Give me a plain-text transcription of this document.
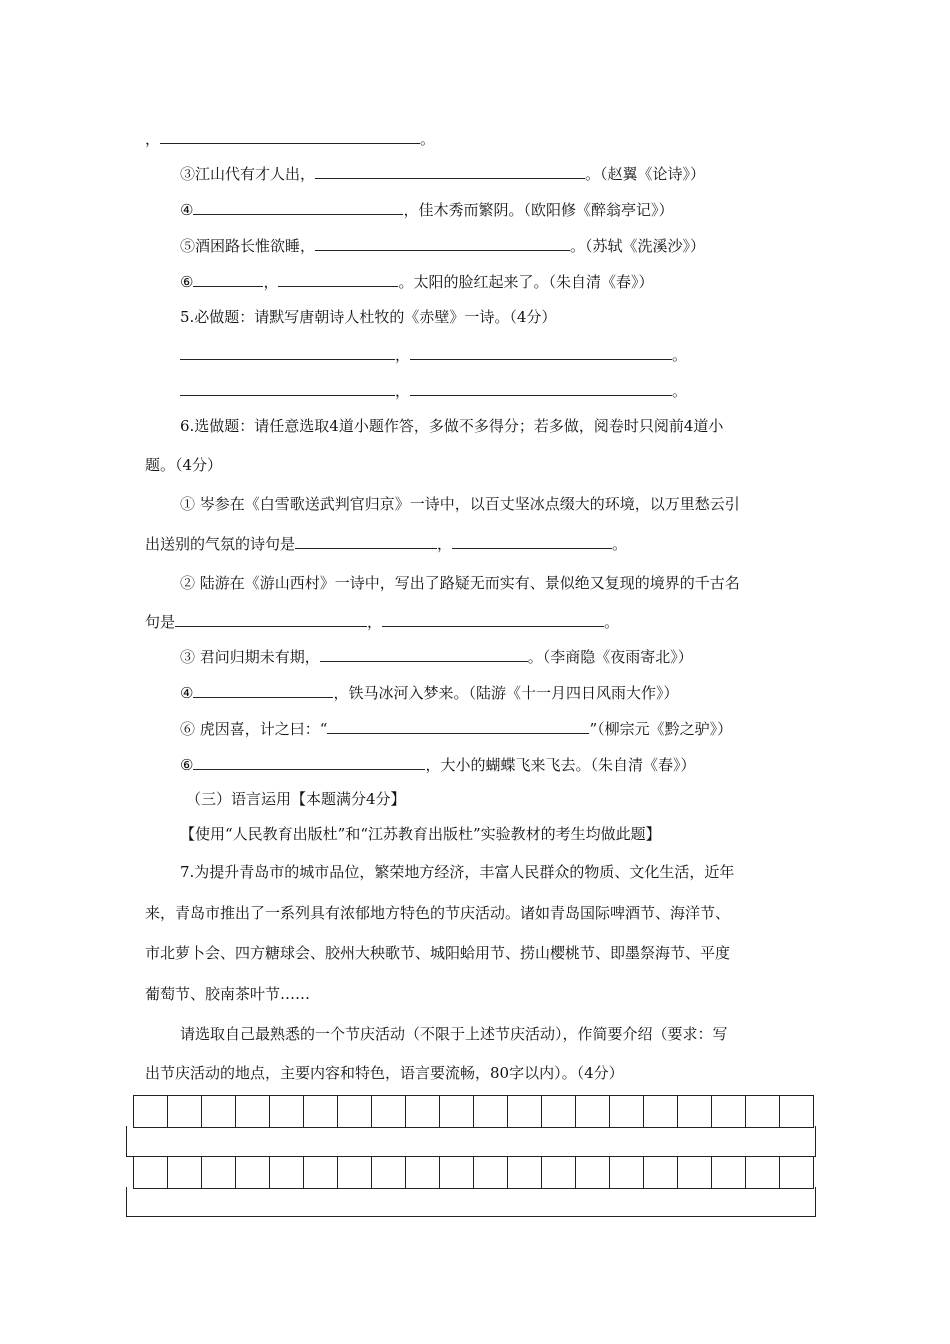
，	。
③江山代有才人出，	。（赵翼《论诗》）
④	，佳木秀而繁阴。（欧阳修《醉翁亭记》）
⑤酒困路长惟欲睡，	。（苏轼《洗溪沙》）
⑥	，	。太阳的脸红起来了。（朱自清《春》）
5.必做题：请默写唐朝诗人杜牧的《赤壁》一诗。（4分）
，	。
，	。
6.选做题：请任意选取4道小题作答，多做不多得分；若多做，阅卷时只阅前4道小
题。（4分）
① 岑参在《白雪歌送武判官归京》一诗中，以百丈坚冰点缀大的环境，以万里愁云引
出送别的气氛的诗句是	，	。
② 陆游在《游山西村》一诗中，写出了路疑无而实有、景似绝又复现的境界的千古名
句是	，	。
③ 君问归期未有期，	。（李商隐《夜雨寄北》）
④	，铁马冰河入梦来。（陆游《十一月四日风雨大作》）
⑥ 虎因喜，计之曰：“	”（柳宗元《黔之驴》）
⑥	，大小的蝴蝶飞来飞去。（朱自清《春》）
（三）语言运用【本题满分4分】
【使用“人民教育出版杜”和“江苏教育出版杜”实验教材的考生均做此题】
7.为提升青岛市的城市品位，繁荣地方经济，丰富人民群众的物质、文化生活，近年
来，青岛市推出了一系列具有浓郁地方特色的节庆活动。诸如青岛国际啤酒节、海洋节、
市北萝卜会、四方糖球会、胶州大秧歌节、城阳蛤用节、捞山樱桃节、即墨祭海节、平度
葡萄节、胶南茶叶节……
请选取自己最熟悉的一个节庆活动（不限于上述节庆活动），作简要介绍（要求：写
出节庆活动的地点，主要内容和特色，语言要流畅，80字以内）。（4分）
